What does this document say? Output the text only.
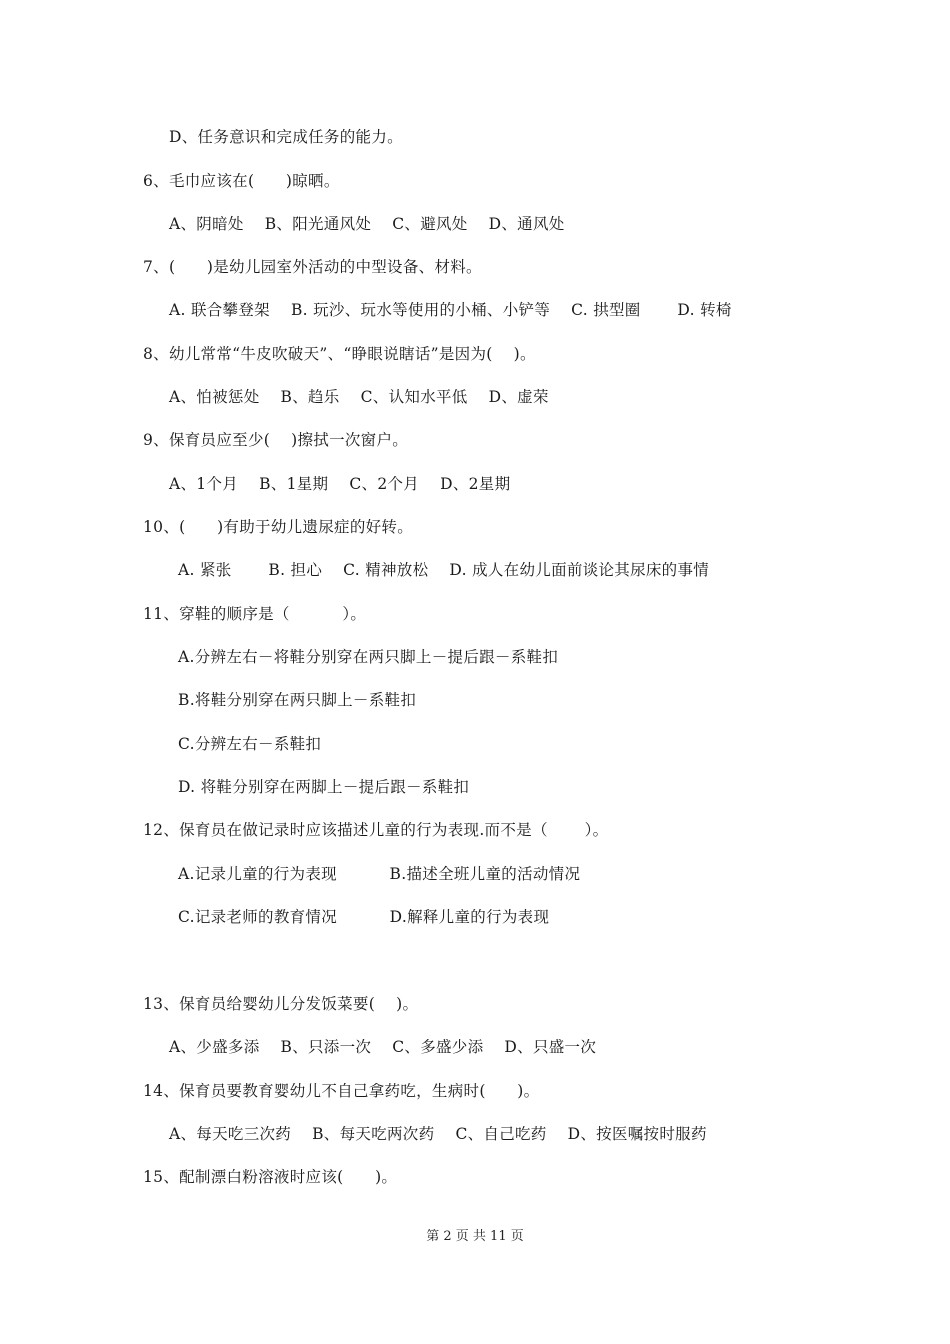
D、任务意识和完成任务的能力。
6、毛巾应该在(　　)晾晒。
A、阴暗处　 B、阳光通风处　 C、避风处　 D、通风处
7、(　　)是幼儿园室外活动的中型设备、材料。
A. 联合攀登架　 B. 玩沙、玩水等使用的小桶、小铲等　 C. 拱型圈　　 D. 转椅
8、幼儿常常“牛皮吹破天”、“睁眼说瞎话”是因为(　 )。
A、怕被惩处　 B、趋乐　 C、认知水平低　 D、虚荣
9、保育员应至少(　 )擦拭一次窗户。
A、1个月　 B、1星期　 C、2个月　 D、2星期
10、(　　)有助于幼儿遗尿症的好转。
A. 紧张　　 B. 担心　 C. 精神放松　 D. 成人在幼儿面前谈论其尿床的事情
11、穿鞋的顺序是（　　　 ）。
A.分辨左右－将鞋分别穿在两只脚上－提后跟－系鞋扣
B.将鞋分别穿在两只脚上－系鞋扣
C.分辨左右－系鞋扣
D. 将鞋分别穿在两脚上－提后跟－系鞋扣
12、保育员在做记录时应该描述儿童的行为表现.而不是（　　 ）。
A.记录儿童的行为表现　　　 B.描述全班儿童的活动情况
C.记录老师的教育情况　　　 D.解释儿童的行为表现
13、保育员给婴幼儿分发饭菜要(　 )。
A、少盛多添　 B、只添一次　 C、多盛少添　 D、只盛一次
14、保育员要教育婴幼儿不自己拿药吃，生病时(　　)。
A、每天吃三次药　 B、每天吃两次药　 C、自己吃药　 D、按医嘱按时服药
15、配制漂白粉溶液时应该(　　)。
第 2 页 共 11 页
